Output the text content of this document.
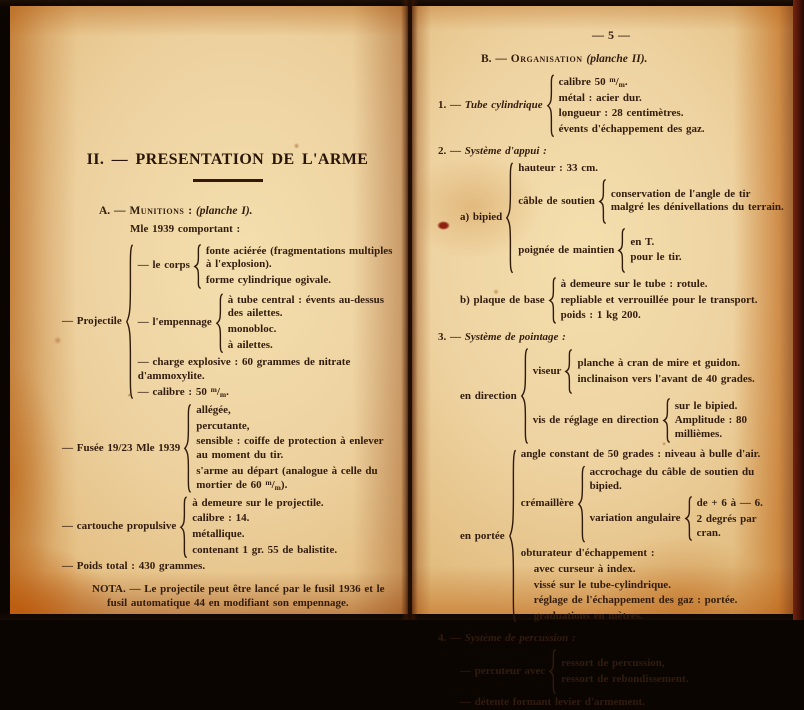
II. — PRESENTATION DE L'ARME
A. — Munitions : (planche I).
Mle 1939 comportant :
— Projectile
— le corps
fonte aciérée (fragmentations multiples à l'explosion).
forme cylindrique ogivale.
— l'empennage
à tube central : évents au-dessus des ailettes.
monobloc.
à ailettes.
— charge explosive : 60 grammes de nitrate d'ammoxylite.
— calibre : 50 $^m/_m$.
— Fusée 19/23 Mle 1939
allégée,
percutante,
sensible : coiffe de protection à enlever au moment du tir.
s'arme au départ (analogue à celle du mortier de 60 $^m/_m$).
— cartouche propulsive
à demeure sur le projectile.
calibre : 14.
métallique.
contenant 1 gr. 55 de balistite.
— Poids total : 430 grammes.

NOTA. — Le projectile peut être lancé par le fusil 1936 et le fusil automatique 44 en modifiant son empennage.

— 5 —
B. — Organisation (planche II).
1. — Tube cylindrique
calibre 50 $^m/_m$.
métal : acier dur.
longueur : 28 centimètres.
évents d'échappement des gaz.
2. — Système d'appui :
a) bipied
hauteur : 33 cm.
câble de soutien
conservation de l'angle de tir malgré les dénivellations du terrain.
poignée de maintien
en T.
pour le tir.
b) plaque de base
à demeure sur le tube : rotule.
repliable et verrouillée pour le transport.
poids : 1 kg 200.
3. — Système de pointage :
en direction
viseur
planche à cran de mire et guidon.
inclinaison vers l'avant de 40 grades.
vis de réglage en direction
sur le bipied. Amplitude : 80 millièmes.
en portée
angle constant de 50 grades : niveau à bulle d'air.
crémaillère
accrochage du câble de soutien du bipied.
variation angulaire
de + 6 à — 6.
2 degrés par cran.
obturateur d'échappement :
avec curseur à index.
vissé sur le tube-cylindrique.
réglage de l'échappement des gaz : portée.
graduations en mètres.
4. — Système de percussion :
— percuteur avec
ressort de percussion,
ressort de rebondissement.
— détente formant levier d'armement.
